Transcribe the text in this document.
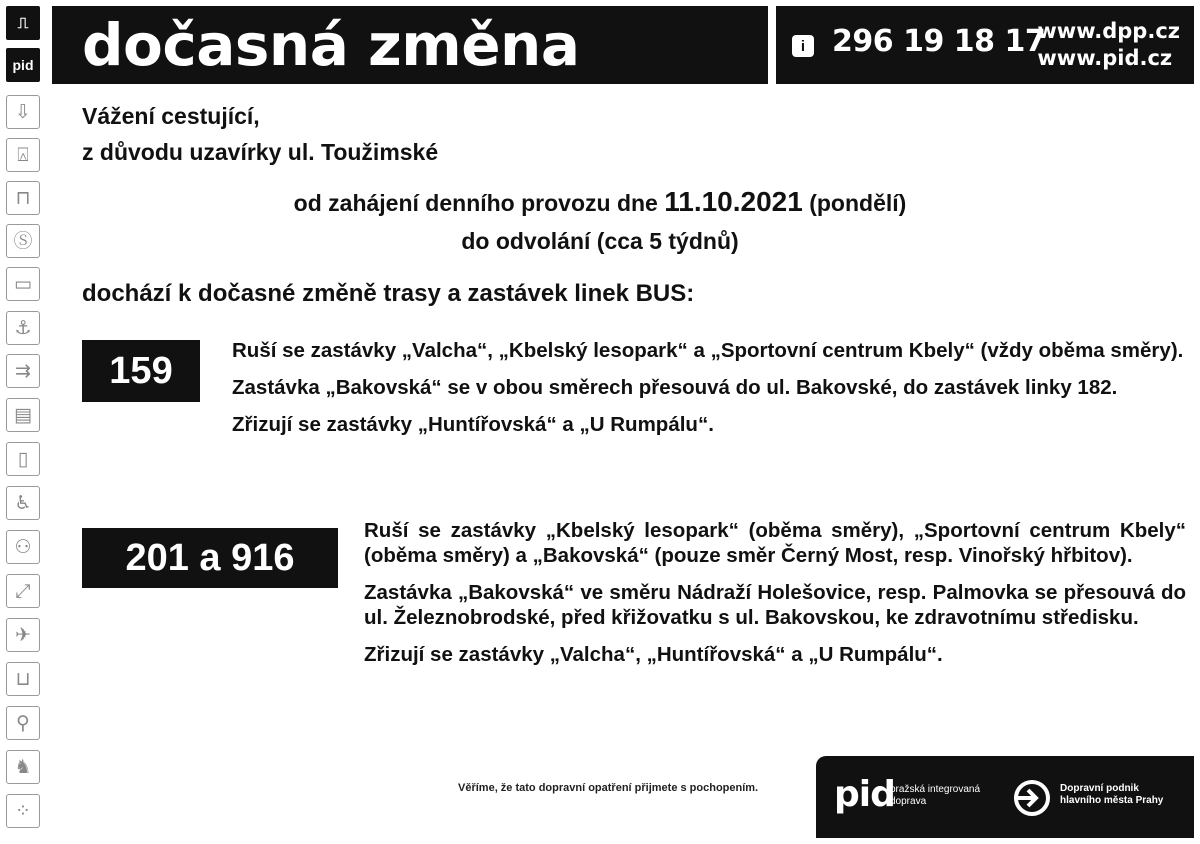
⎍
pid
⇩
⍓
⊓
Ⓢ
▭
⚓
⇉
▤
▯
♿
⚇
⤢
✈
⊔
⚲
♞
⁘
dočasná změna	i 296 19 18 17
www.dpp.cz
www.pid.cz
Vážení cestující,
z důvodu uzavírky ul. Toužimské
od zahájení denního provozu dne 11.10.2021 (pondělí)
do odvolání (cca 5 týdnů)
dochází k dočasné změně trasy a zastávek linek BUS:
159	Ruší se zastávky „Valcha“, „Kbelský lesopark“ a „Sportovní centrum Kbely“ (vždy oběma směry).

Zastávka „Bakovská“ se v obou směrech přesouvá do ul. Bakovské, do zastávek linky 182.

Zřizují se zastávky „Huntířovská“ a „U Rumpálu“.

201 a 916

Ruší se zastávky „Kbelský lesopark“ (oběma směry), „Sportovní centrum Kbely“ (oběma směry) a „Bakovská“ (pouze směr Černý Most, resp. Vinořský hřbitov).

Zastávka „Bakovská“ ve směru Nádraží Holešovice, resp. Palmovka se přesouvá do ul. Železnobrodské, před křižovatku s ul. Bakovskou, ke zdravotnímu středisku.

Zřizují se zastávky „Valcha“, „Huntířovská“ a „U Rumpálu“.

Věříme, že tato dopravní opatření přijmete s pochopením. pid
pražská integrovaná
doprava
Dopravní podnik
hlavního města Prahy
